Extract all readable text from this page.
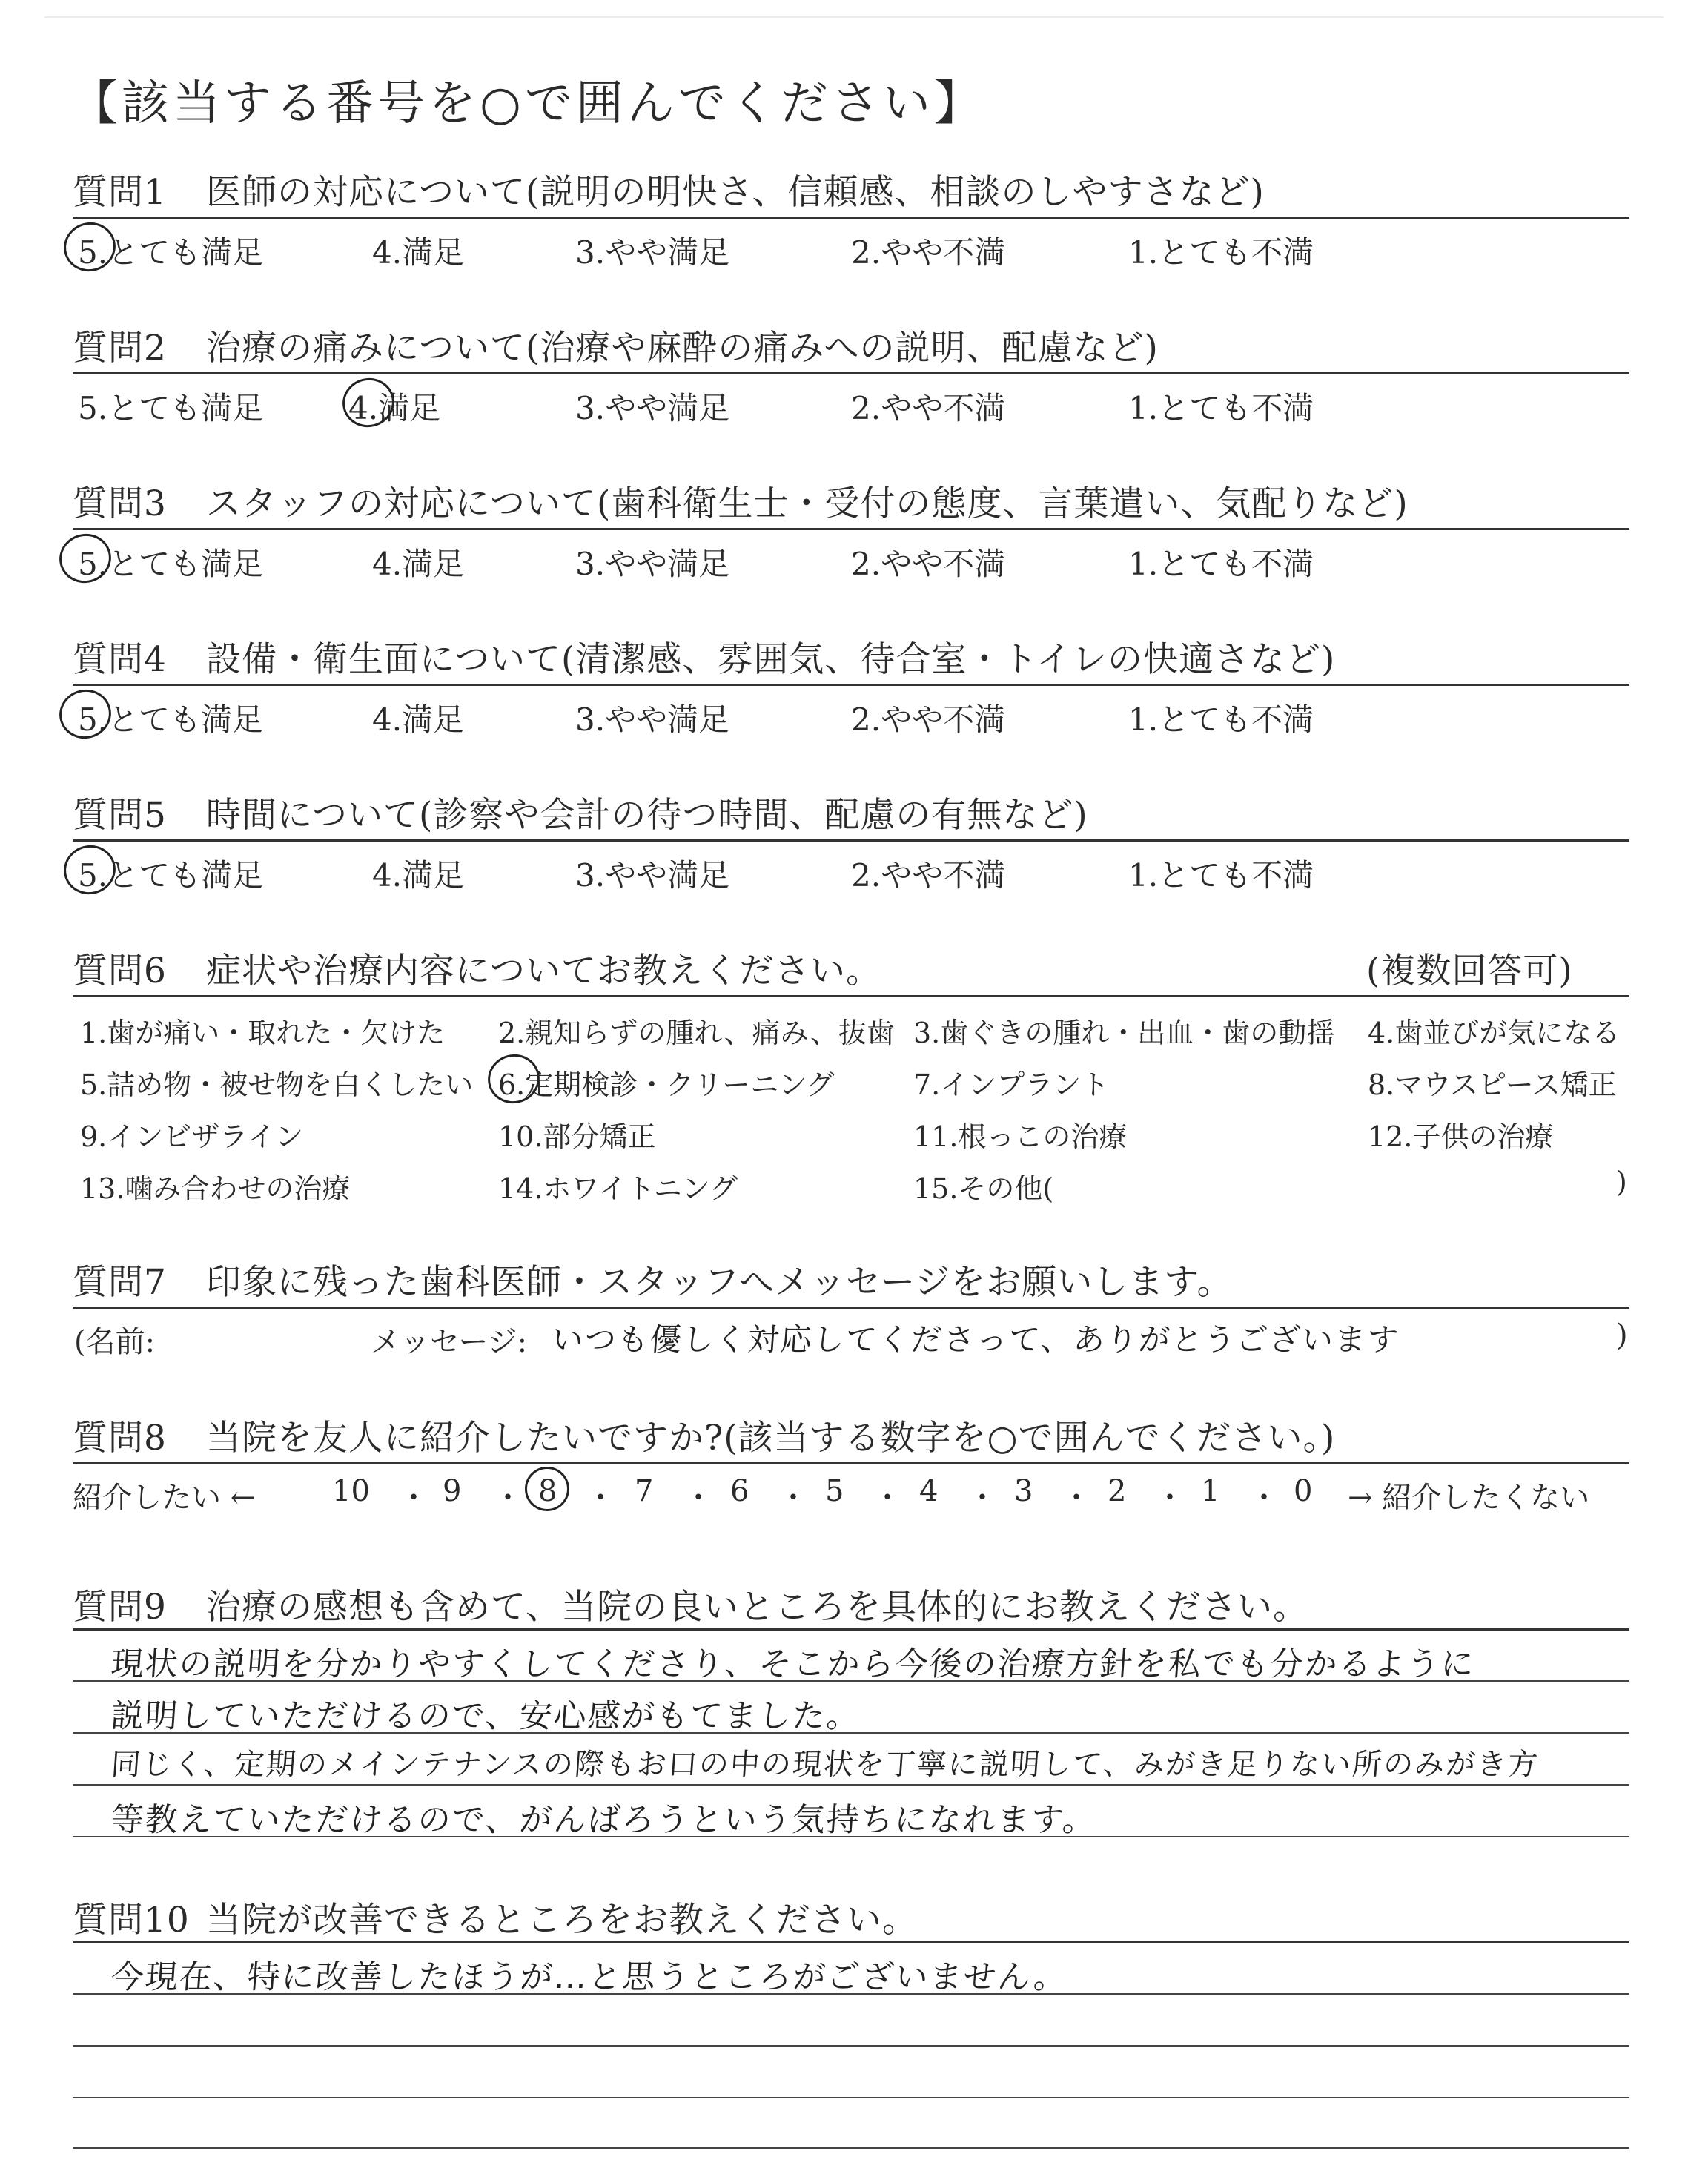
【該当する番号を○で囲んでください】
質問1 医師の対応について(説明の明快さ、信頼感、相談のしやすさなど)
5.とても満足	4.満足	3.やや満足	2.やや不満	1.とても不満
質問2 治療の痛みについて(治療や麻酔の痛みへの説明、配慮など)
5.とても満足	4.満足	3.やや満足	2.やや不満	1.とても不満
質問3 スタッフの対応について(歯科衛生士・受付の態度、言葉遣い、気配りなど)
5.とても満足	4.満足	3.やや満足	2.やや不満	1.とても不満
質問4 設備・衛生面について(清潔感、雰囲気、待合室・トイレの快適さなど)
5.とても満足	4.満足	3.やや満足	2.やや不満	1.とても不満
質問5 時間について(診察や会計の待つ時間、配慮の有無など)
5.とても満足	4.満足	3.やや満足	2.やや不満	1.とても不満
質問6 症状や治療内容についてお教えください。	(複数回答可)
1.歯が痛い・取れた・欠けた 2.親知らずの腫れ、痛み、抜歯 3.歯ぐきの腫れ・出血・歯の動揺 4.歯並びが気になる
5.詰め物・被せ物を白くしたい 6.定期検診・クリーニング	7.インプラント	8.マウスピース矯正
9.インビザライン	10.部分矯正	11.根っこの治療	12.子供の治療
13.噛み合わせの治療	14.ホワイトニング	15.その他(	)
質問7 印象に残った歯科医師・スタッフへメッセージをお願いします。
(名前:	メッセージ: いつも優しく対応してくださって、ありがとうございます	)
質問8 当院を友人に紹介したいですか?(該当する数字を○で囲んでください。)
紹介したい ←	→ 紹介したくない
10 ・ 9 ・ 8 ・ 7 ・ 6 ・ 5 ・ 4 ・ 3 ・ 2 ・ 1 ・ 0
質問9 治療の感想も含めて、当院の良いところを具体的にお教えください。
現状の説明を分かりやすくしてくださり、そこから今後の治療方針を私でも分かるように
説明していただけるので、安心感がもてました。
同じく、定期のメインテナンスの際もお口の中の現状を丁寧に説明して、みがき足りない所のみがき方
等教えていただけるので、がんばろうという気持ちになれます。
質問10 当院が改善できるところをお教えください。
今現在、特に改善したほうが…と思うところがございません。
